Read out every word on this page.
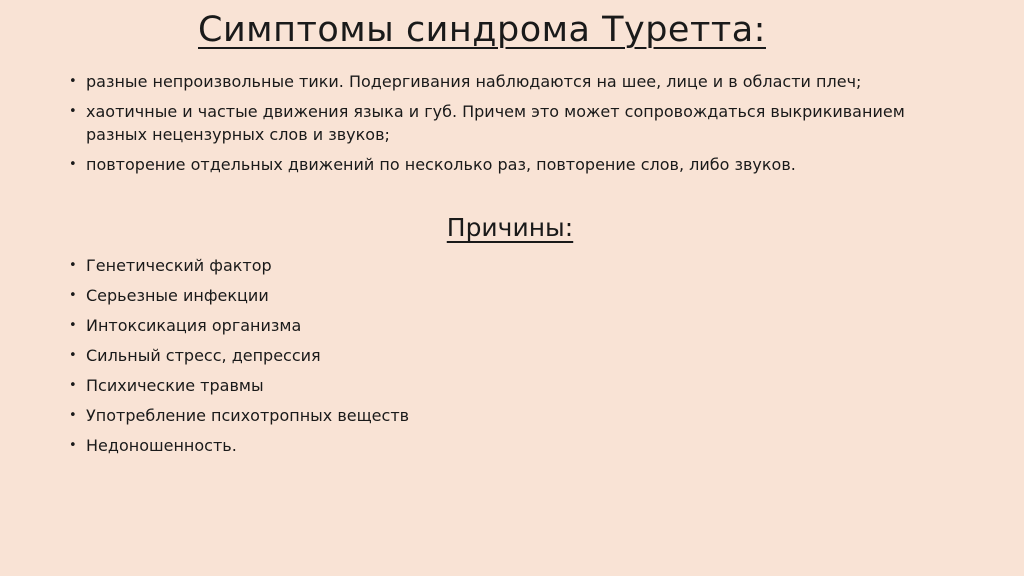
Симптомы синдрома Туретта:
• разные непроизвольные тики. Подергивания наблюдаются на шее, лице и в области плеч;
• хаотичные и частые движения языка и губ. Причем это может сопровождаться выкрикиванием разных нецензурных слов и звуков;
• повторение отдельных движений по несколько раз, повторение слов, либо звуков.
Причины:
• Генетический фактор
• Серьезные инфекции
• Интоксикация организма
• Сильный стресс, депрессия
• Психические травмы
• Употребление психотропных веществ
• Недоношенность.
